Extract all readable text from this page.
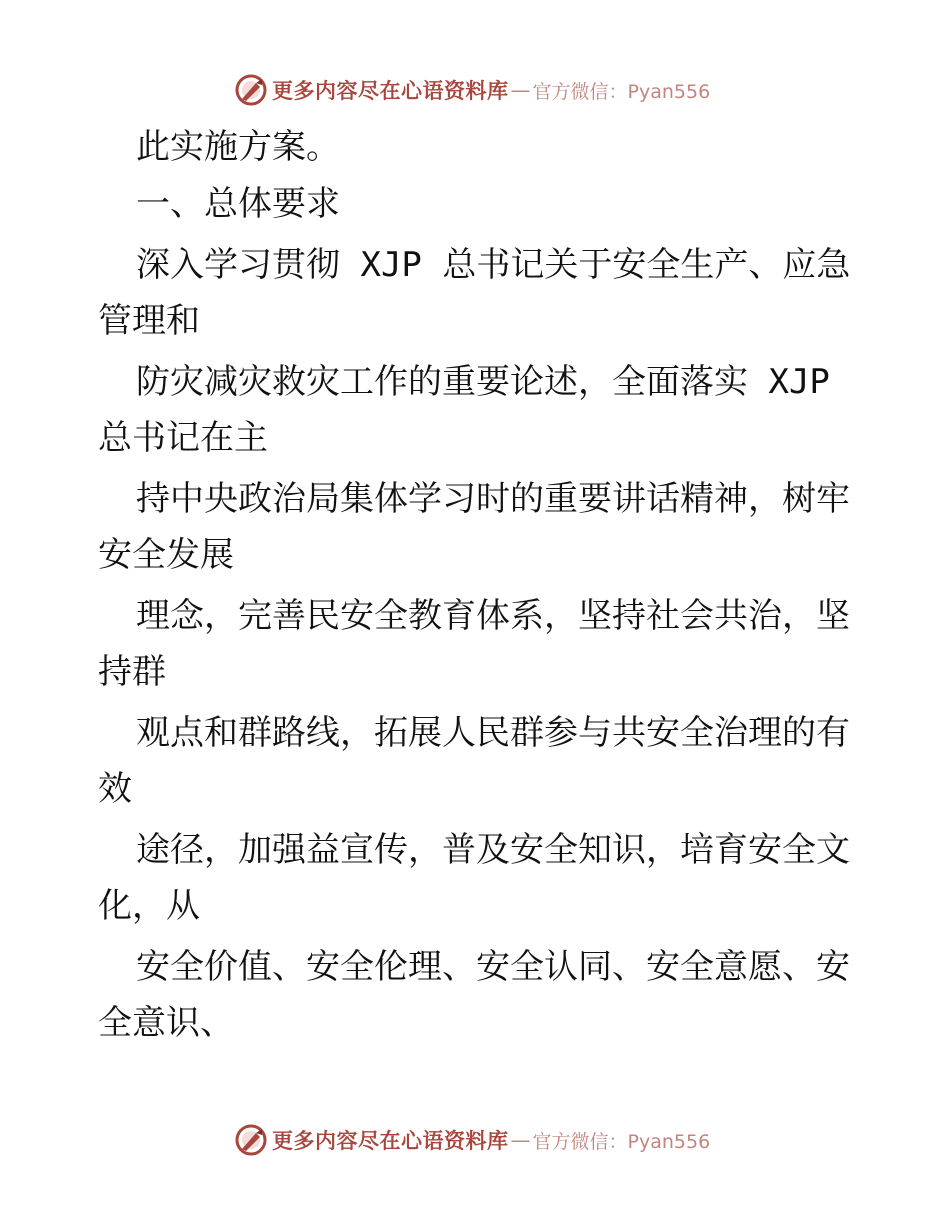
更多内容尽在心语资料库 — 官方微信：Pyan556
此实施方案。
一、总体要求
深入学习贯彻 XJP 总书记关于安全生产、应急
管理和
防灾减灾救灾工作的重要论述，全面落实 XJP
总书记在主
持中央政治局集体学习时的重要讲话精神，树牢
安全发展
理念，完善民安全教育体系，坚持社会共治，坚
持群
观点和群路线，拓展人民群参与共安全治理的有
效
途径，加强益宣传，普及安全知识，培育安全文
化，从
安全价值、安全伦理、安全认同、安全意愿、安
全意识、
更多内容尽在心语资料库 — 官方微信：Pyan556
